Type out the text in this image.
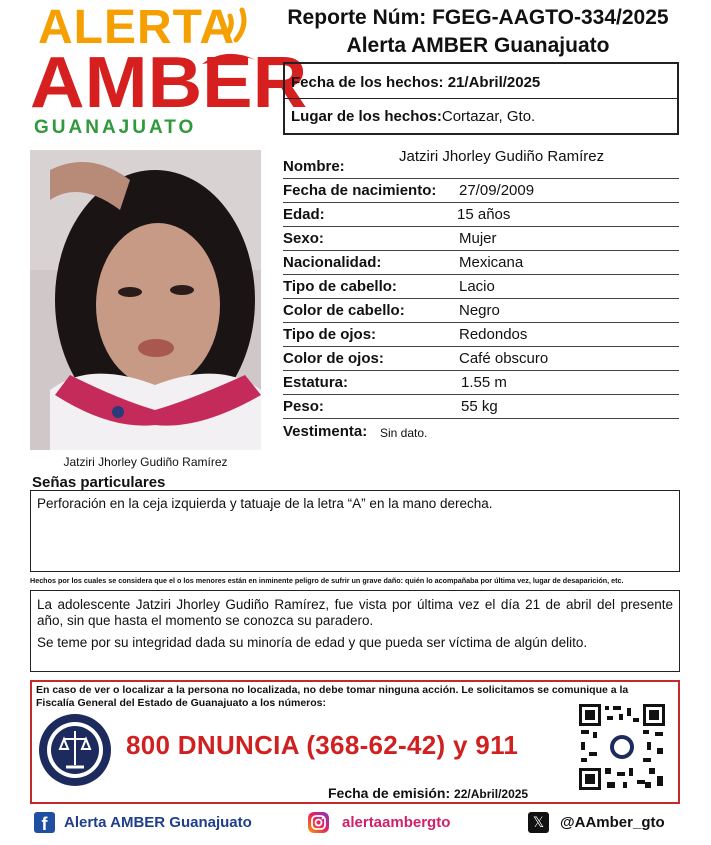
ALERTA
AMBER
GUANAJUATO
Reporte Núm: FGEG-AAGTO-334/2025
Alerta AMBER Guanajuato
Fecha de los hechos: 21/Abril/2025
Lugar de los hechos:Cortazar, Gto.
Jatziri Jhorley Gudiño Ramírez
Nombre:
Jatziri Jhorley Gudiño Ramírez
Fecha de nacimiento: 27/09/2009
Edad:	15 años
Sexo:	Mujer
Nacionalidad:	Mexicana
Tipo de cabello:	Lacio
Color de cabello:	Negro
Tipo de ojos:	Redondos
Color de ojos:	Café obscuro
Estatura:	1.55 m
Peso:	55 kg
Vestimenta: Sin dato.
Señas particulares
Perforación en la ceja izquierda y tatuaje de la letra “A” en la mano derecha.
Hechos por los cuales se considera que el o los menores están en inminente peligro de sufrir un grave daño: quién lo acompañaba por última vez, lugar de desaparición, etc.

La adolescente Jatziri Jhorley Gudiño Ramírez, fue vista por última vez el día 21 de abril del presente año, sin que hasta el momento se conozca su paradero.

Se teme por su integridad dada su minoría de edad y que pueda ser víctima de algún delito.

En caso de ver o localizar a la persona no localizada, no debe tomar ninguna acción. Le solicitamos se comunique a la Fiscalía General del Estado de Guanajuato a los números:
800 DNUNCIA (368-62-42) y 911
Fecha de emisión: 22/Abril/2025
f	Alerta AMBER Guanajuato	alertaambergto	𝕏	@AAmber_gto
